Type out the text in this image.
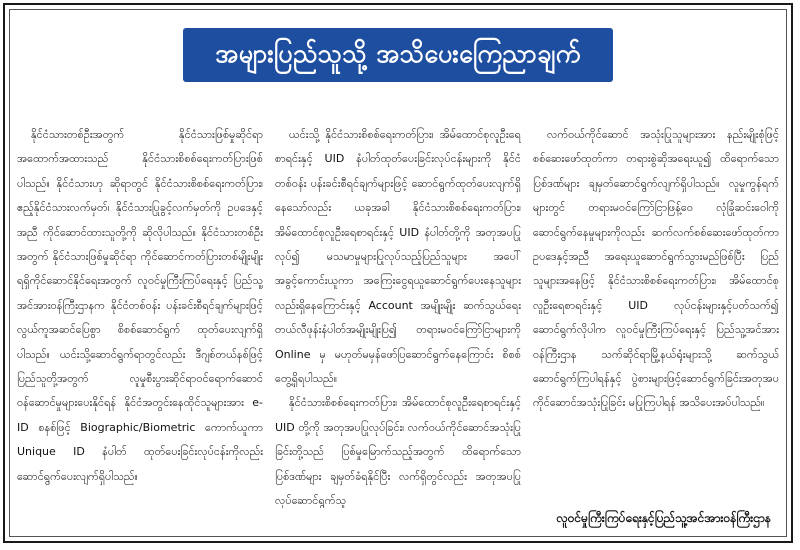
အများပြည်သူသို့ အသိပေးကြေညာချက်

နိုင်ငံသားတစ်ဦးအတွက် နိုင်ငံသားဖြစ်မှုဆိုင်ရာ အထောက်အထားသည် နိုင်ငံသားစိစစ်ရေးကတ်ပြားဖြစ်ပါသည်။ နိုင်ငံသားဟု ဆိုရာတွင် နိုင်ငံသားစိစစ်ရေးကတ်ပြား၊ ဧည့်နိုင်ငံသားလက်မှတ်၊ နိုင်ငံသားပြုခွင့်လက်မှတ်ကို ဥပဒေနှင့်အညီ ကိုင်ဆောင်ထားသူတို့ကို ဆိုလိုပါသည်။ နိုင်ငံသားတစ်ဦးအတွက် နိုင်ငံသားဖြစ်မှုဆိုင်ရာ ကိုင်ဆောင်ကတ်ပြားတစ်မျိုးမျိုး ရရှိကိုင်ဆောင်နိုင်ရေးအတွက် လူဝင်မှုကြီးကြပ်ရေးနှင့် ပြည်သူ့အင်အားဝန်ကြီးဌာနက နိုင်ငံတစ်ဝန်း ပန်းခင်းစီရင်ချက်များဖြင့် လွယ်ကူအဆင်ပြေစွာ စိစစ်ဆောင်ရွက် ထုတ်ပေးလျက်ရှိပါသည်။ ယင်းသို့ဆောင်ရွက်ရာတွင်လည်း ဒီဂျစ်တယ်နစ်ဖြင့် ပြည်သူတို့အတွက် လူမှုစီးပွားဆိုင်ရာဝင်ရောက်ဆောင် ဝန်ဆောင်မှုများပေးနိုင်ရန် နိုင်ငံအတွင်းနေထိုင်သူများအား e-ID စနစ်ဖြင့် Biographic/Biometric ကောက်ယူကာ Unique ID နံပါတ် ထုတ်ပေးခြင်းလုပ်ငန်းကိုလည်း ဆောင်ရွက်ပေးလျက်ရှိပါသည်။

ယင်းသို့ နိုင်ငံသားစိစစ်ရေးကတ်ပြား၊ အိမ်ထောင်စုလူဦးရေစာရင်းနှင့် UID နံပါတ်ထုတ်ပေးခြင်းလုပ်ငန်းများကို နိုင်ငံတစ်ဝန်း ပန်းခင်းစီရင်ချက်များဖြင့် ဆောင်ရွက်ထုတ်ပေးလျက်ရှိနေသော်လည်း ယခုအခါ နိုင်ငံသားစိစစ်ရေးကတ်ပြား၊ အိမ်ထောင်စုလူဦးရေစာရင်းနှင့် UID နံပါတ်တို့ကို အတုအပပြုလုပ်၍ မသမာမှုများပြုလုပ်သည့်ပြည်သူများ အပေါ် အခွင့်ကောင်းယူကာ အကြေးငွေရယူဆောင်ရွက်ပေးနေသူများလည်းရှိနေကြောင်းနှင့် Account အမျိုးမျိုး ဆက်သွယ်ရေးတယ်လီဖုန်းနံပါတ်အမျိုးမျိုးပြ၍ တရားမဝင်ကြော်ငြာများကို Online မှ မဟုတ်မမှန်ဖော်ပြဆောင်ရွက်နေကြောင်း စိစစ်တွေ့ရှိရပါသည်။

နိုင်ငံသားစိစစ်ရေးကတ်ပြား၊ အိမ်ထောင်စုလူဦးရေစာရင်းနှင့် UID တို့ကို အတုအပပြုလုပ်ခြင်း၊ လက်ဝယ်ကိုင်ဆောင်အသုံးပြုခြင်းတို့သည် ပြစ်မှုမြောက်သည့်အတွက် ထိရောက်သော ပြစ်ဒဏ်များ ချမှတ်ခံရနိုင်ပြီး လက်ရှိတွင်လည်း အတုအပပြုလုပ်ဆောင်ရွက်သူ

လက်ဝယ်ကိုင်ဆောင် အသုံးပြုသူများအား နည်းမျိုးစုံဖြင့် စစ်ဆေးဖော်ထုတ်ကာ တရားစွဲဆိုအရေးယူ၍ ထိရောက်သော ပြစ်ဒဏ်များ ချမှတ်ဆောင်ရွက်လျက်ရှိပါသည်။ လူမှုကွန်ရက်များတွင် တရားမဝင်ကြော်ငြာဖြန့်ဝေ လုံခြုံဆင်းဝေါကိုဆောင်ရွက်နေမှုများကိုလည်း ဆက်လက်စစ်ဆေးဖော်ထုတ်ကာ ဥပဒေနှင့်အညီ အရေးယူဆောင်ရွက်သွားမည်ဖြစ်ပြီး ပြည်သူများအနေဖြင့် နိုင်ငံသားစိစစ်ရေးကတ်ပြား၊ အိမ်ထောင်စုလူဦးရေစာရင်းနှင့် UID လုပ်ငန်းများနှင့်ပတ်သက်၍ ဆောင်ရွက်လိုပါက လူဝင်မှုကြီးကြပ်ရေးနှင့် ပြည်သူ့အင်အားဝန်ကြီးဌာန သက်ဆိုင်ရာမြို့နယ်ရုံးများသို့ ဆက်သွယ်ဆောင်ရွက်ကြပါရန်နှင့် ပွဲစားများဖြင့်ဆောင်ရွက်ခြင်းအတုအပကိုင်ဆောင်အသုံးပြုခြင်း မပြုကြပါရန် အသိပေးအပ်ပါသည်။

လူဝင်မှုကြီးကြပ်ရေးနှင့်ပြည်သူ့အင်အားဝန်ကြီးဌာန
